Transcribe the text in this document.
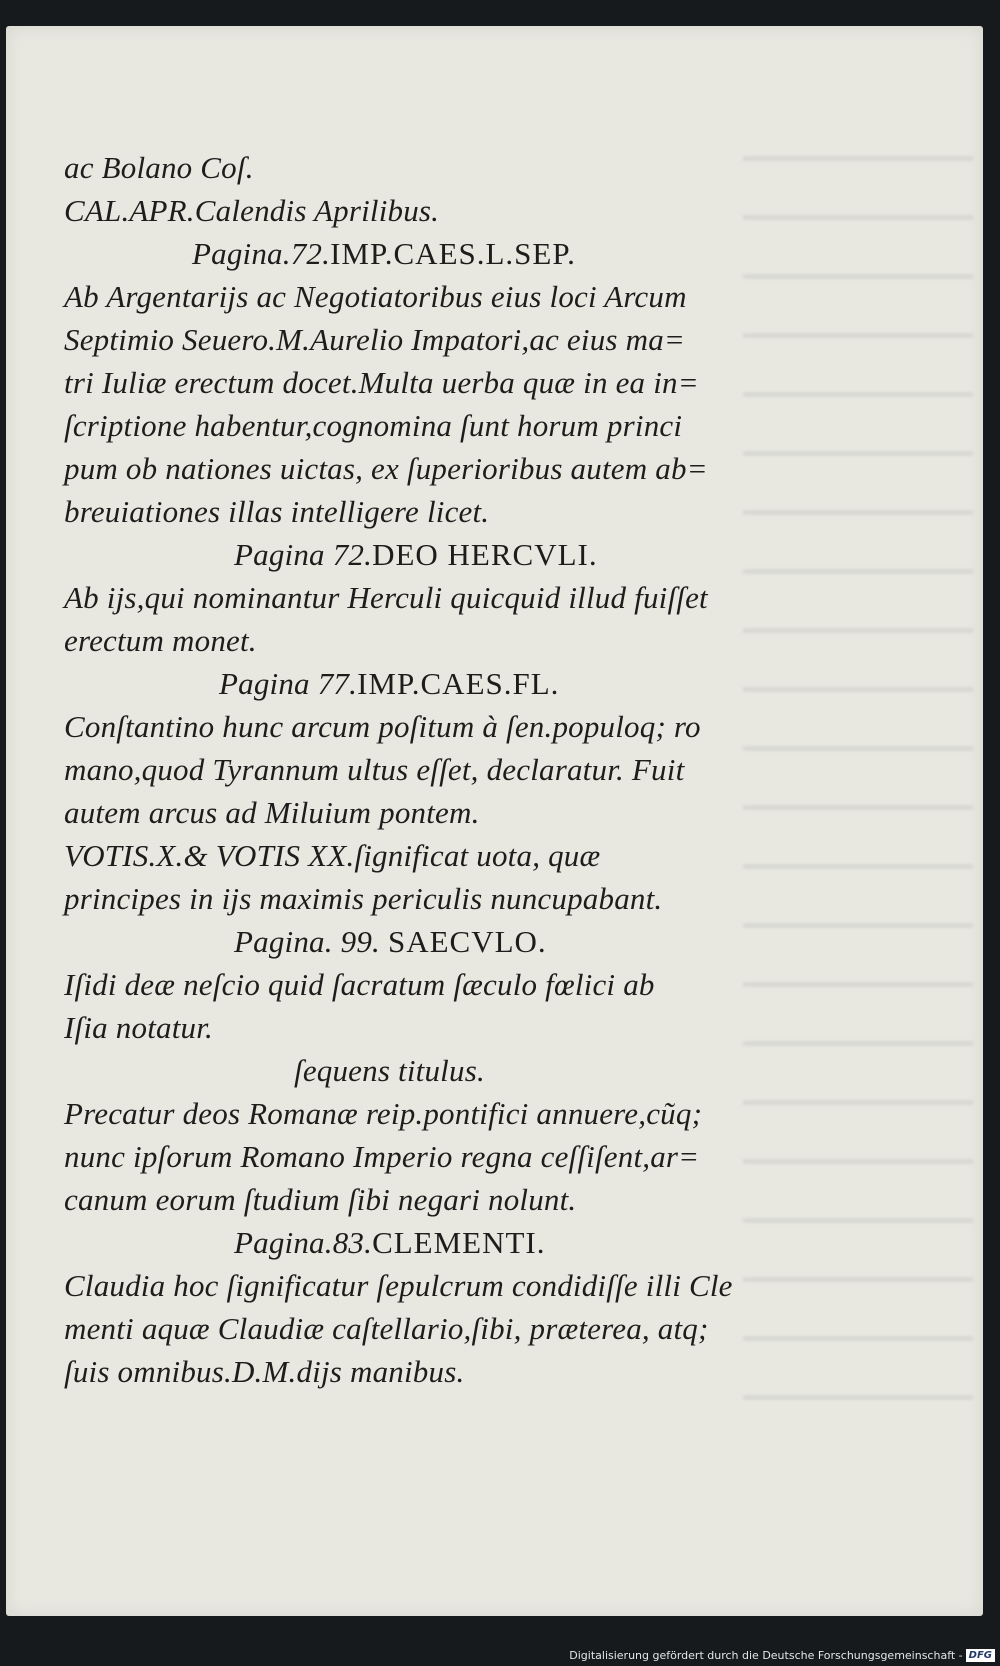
ac Bolano Coſ.
CAL.APR.Calendis Aprilibus.
Pagina.72.IMP.CAES.L.SEP.
Ab Argentarijs ac Negotiatoribus eius loci Arcum
Septimio Seuero.M.Aurelio Impatori,ac eius ma=
tri Iuliæ erectum docet.Multa uerba quæ in ea in=
ſcriptione habentur,cognomina ſunt horum princi
pum ob nationes uictas, ex ſuperioribus autem ab=
breuiationes illas intelligere licet.
Pagina 72.DEO HERCVLI.
Ab ijs,qui nominantur Herculi quicquid illud fuiſſet
erectum monet.
Pagina 77.IMP.CAES.FL.
Conſtantino hunc arcum poſitum à ſen.populoq; ro
mano,quod Tyrannum ultus eſſet, declaratur. Fuit
autem arcus ad Miluium pontem.
VOTIS.X.& VOTIS XX.ſignificat uota, quæ
principes in ijs maximis periculis nuncupabant.
Pagina. 99. SAECVLO.
Iſidi deæ neſcio quid ſacratum ſæculo fœlici ab
Iſia notatur.
ſequens titulus.
Precatur deos Romanæ reip.pontifici annuere,cũq;
nunc ipſorum Romano Imperio regna ceſſiſent,ar=
canum eorum ſtudium ſibi negari nolunt.
Pagina.83.CLEMENTI.
Claudia hoc ſignificatur ſepulcrum condidiſſe illi Cle
menti aquæ Claudiæ caſtellario,ſibi, præterea, atq;
ſuis omnibus.D.M.dijs manibus.
Digitalisierung gefördert durch die Deutsche Forschungsgemeinschaft - DFG
